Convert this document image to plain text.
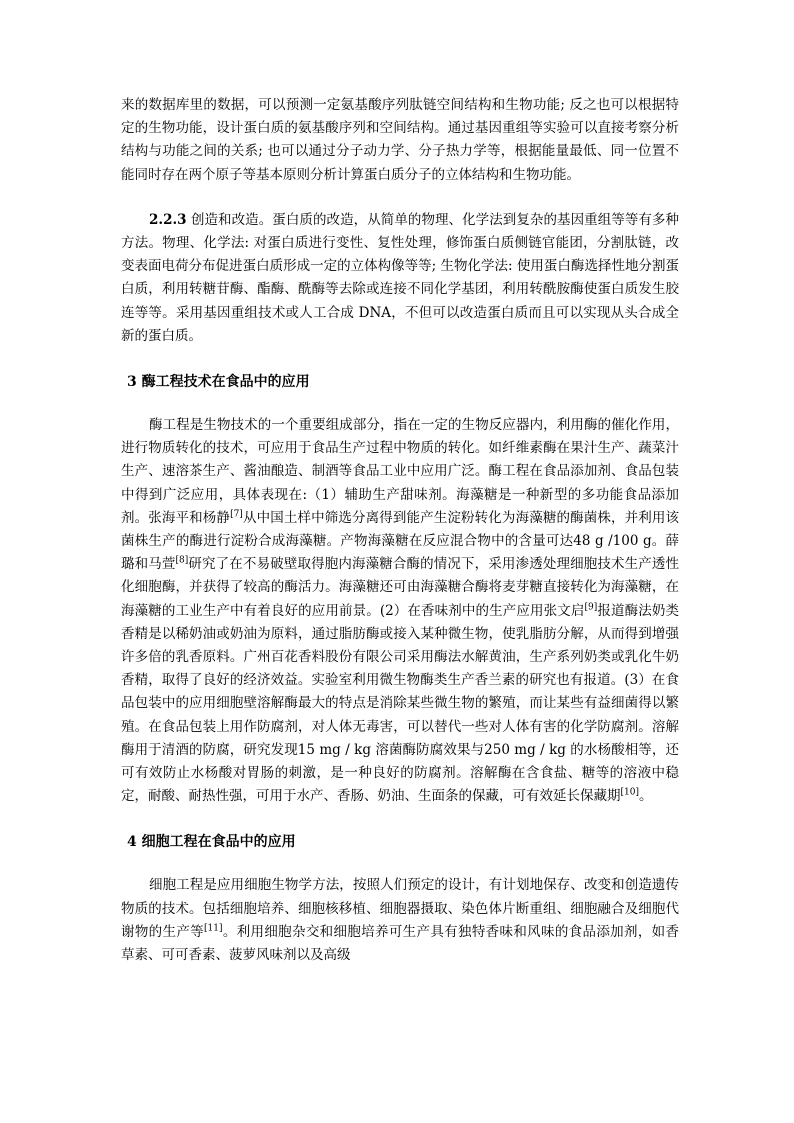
来的数据库里的数据，可以预测一定氨基酸序列肽链空间结构和生物功能; 反之也可以根据特定的生物功能，设计蛋白质的氨基酸序列和空间结构。通过基因重组等实验可以直接考察分析结构与功能之间的关系; 也可以通过分子动力学、分子热力学等，根据能量最低、同一位置不能同时存在两个原子等基本原则分析计算蛋白质分子的立体结构和生物功能。

2.2.3 创造和改造。蛋白质的改造，从简单的物理、化学法到复杂的基因重组等等有多种方法。物理、化学法: 对蛋白质进行变性、复性处理，修饰蛋白质侧链官能团，分割肽链，改变表面电荷分布促进蛋白质形成一定的立体构像等等; 生物化学法: 使用蛋白酶选择性地分割蛋白质，利用转糖苷酶、酯酶、酰酶等去除或连接不同化学基团，利用转酰胺酶使蛋白质发生胶连等等。采用基因重组技术或人工合成 DNA，不但可以改造蛋白质而且可以实现从头合成全新的蛋白质。

3 酶工程技术在食品中的应用

酶工程是生物技术的一个重要组成部分，指在一定的生物反应器内，利用酶的催化作用，进行物质转化的技术，可应用于食品生产过程中物质的转化。如纤维素酶在果汁生产、蔬菜汁生产、速溶茶生产、酱油酿造、制酒等食品工业中应用广泛。酶工程在食品添加剂、食品包装中得到广泛应用，具体表现在:（1）辅助生产甜味剂。海藻糖是一种新型的多功能食品添加剂。张海平和杨静[7]从中国土样中筛选分离得到能产生淀粉转化为海藻糖的酶菌株，并利用该菌株生产的酶进行淀粉合成海藻糖。产物海藻糖在反应混合物中的含量可达48 g /100 g。薛璐和马萱[8]研究了在不易破壁取得胞内海藻糖合酶的情况下，采用渗透处理细胞技术生产透性化细胞酶，并获得了较高的酶活力。海藻糖还可由海藻糖合酶将麦芽糖直接转化为海藻糖，在海藻糖的工业生产中有着良好的应用前景。(2）在香味剂中的生产应用张文启[9]报道酶法奶类香精是以稀奶油或奶油为原料，通过脂肪酶或接入某种微生物，使乳脂肪分解，从而得到增强许多倍的乳香原料。广州百花香料股份有限公司采用酶法水解黄油，生产系列奶类或乳化牛奶香精，取得了良好的经济效益。实验室利用微生物酶类生产香兰素的研究也有报道。(3）在食品包装中的应用细胞壁溶解酶最大的特点是消除某些微生物的繁殖，而让某些有益细菌得以繁殖。在食品包装上用作防腐剂，对人体无毒害，可以替代一些对人体有害的化学防腐剂。溶解酶用于清酒的防腐，研究发现15 mg / kg 溶菌酶防腐效果与250 mg / kg 的水杨酸相等，还可有效防止水杨酸对胃肠的刺激，是一种良好的防腐剂。溶解酶在含食盐、糖等的溶液中稳定，耐酸、耐热性强，可用于水产、香肠、奶油、生面条的保藏，可有效延长保藏期[10]。

4 细胞工程在食品中的应用

细胞工程是应用细胞生物学方法，按照人们预定的设计，有计划地保存、改变和创造遗传物质的技术。包括细胞培养、细胞核移植、细胞器摄取、染色体片断重组、细胞融合及细胞代谢物的生产等[11]。利用细胞杂交和细胞培养可生产具有独特香味和风味的食品添加剂，如香草素、可可香素、菠萝风味剂以及高级
